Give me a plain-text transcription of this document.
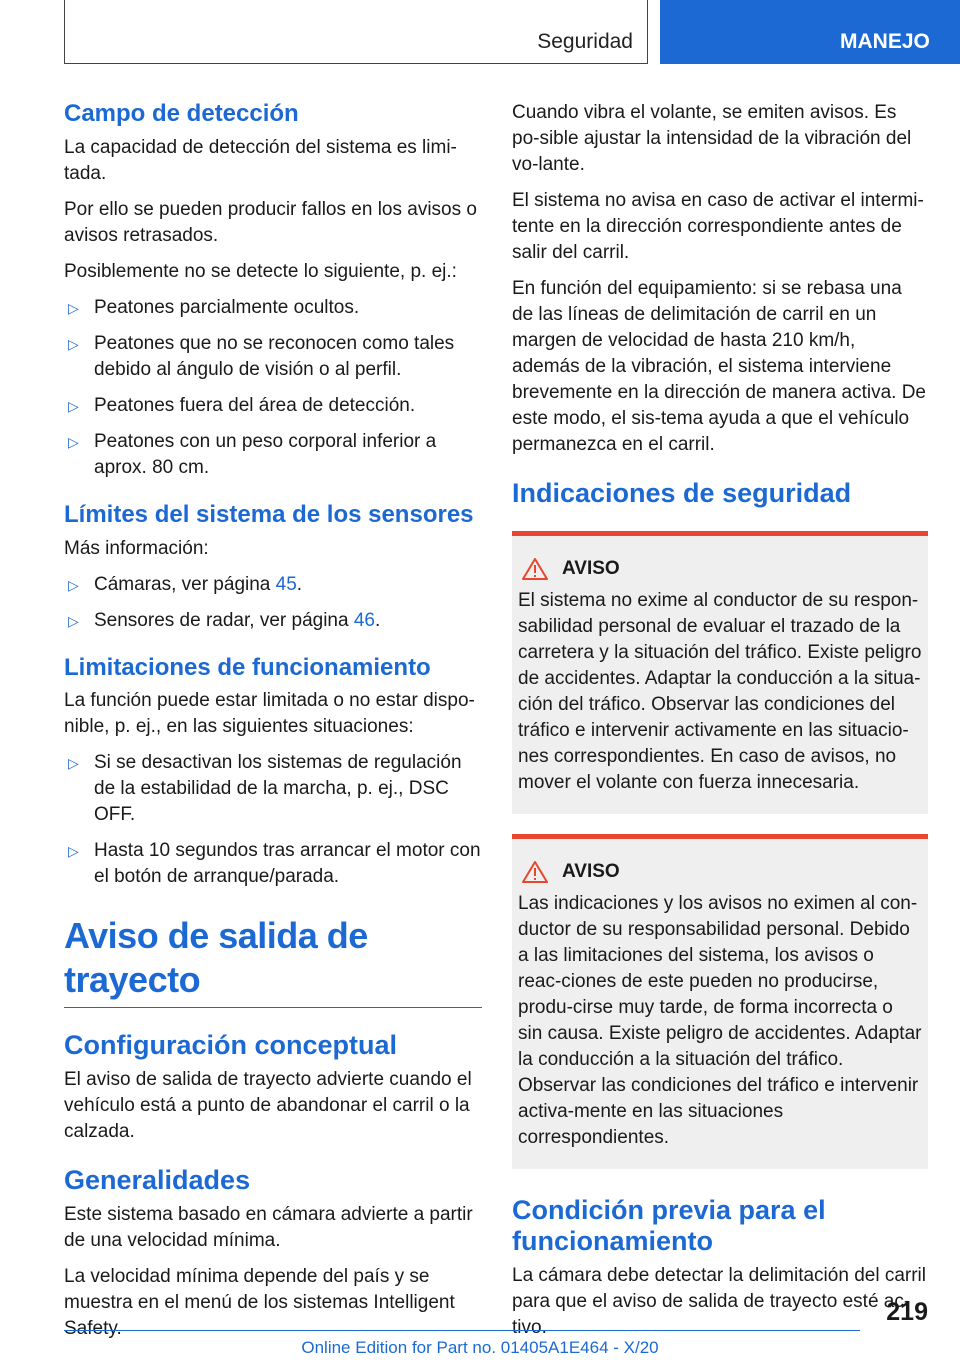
Seguridad	MANEJO
Campo de detección

La capacidad de detección del sistema es limi-tada.

Por ello se pueden producir fallos en los avisos o avisos retrasados.

Posiblemente no se detecte lo siguiente, p. ej.:

▷ Peatones parcialmente ocultos.
▷ Peatones que no se reconocen como tales debido al ángulo de visión o al perfil.
▷ Peatones fuera del área de detección.
▷ Peatones con un peso corporal inferior a aprox. 80 cm.
Límites del sistema de los sensores

Más información:

▷ Cámaras, ver página 45.
▷ Sensores de radar, ver página 46.
Limitaciones de funcionamiento

La función puede estar limitada o no estar dispo-nible, p. ej., en las siguientes situaciones:

▷ Si se desactivan los sistemas de regulación de la estabilidad de la marcha, p. ej., DSC OFF.
▷ Hasta 10 segundos tras arrancar el motor con el botón de arranque/parada.
Aviso de salida de trayecto
Configuración conceptual

El aviso de salida de trayecto advierte cuando el vehículo está a punto de abandonar el carril o la calzada.

Generalidades

Este sistema basado en cámara advierte a partir de una velocidad mínima.

La velocidad mínima depende del país y se muestra en el menú de los sistemas Intelligent Safety.

Cuando vibra el volante, se emiten avisos. Es po-sible ajustar la intensidad de la vibración del vo-lante.

El sistema no avisa en caso de activar el intermi-tente en la dirección correspondiente antes de salir del carril.

En función del equipamiento: si se rebasa una de las líneas de delimitación de carril en un margen de velocidad de hasta 210 km/h, además de la vibración, el sistema interviene brevemente en la dirección de manera activa. De este modo, el sis-tema ayuda a que el vehículo permanezca en el carril.

Indicaciones de seguridad
AVISO

El sistema no exime al conductor de su respon-sabilidad personal de evaluar el trazado de la carretera y la situación del tráfico. Existe peligro de accidentes. Adaptar la conducción a la situa-ción del tráfico. Observar las condiciones del tráfico e intervenir activamente en las situacio-nes correspondientes. En caso de avisos, no mover el volante con fuerza innecesaria.

AVISO

Las indicaciones y los avisos no eximen al con-ductor de su responsabilidad personal. Debido a las limitaciones del sistema, los avisos o reac-ciones de este pueden no producirse, produ-cirse muy tarde, de forma incorrecta o sin causa. Existe peligro de accidentes. Adaptar la conducción a la situación del tráfico. Observar las condiciones del tráfico e intervenir activa-mente en las situaciones correspondientes.

Condición previa para el funcionamiento

La cámara debe detectar la delimitación del carril para que el aviso de salida de trayecto esté ac-tivo.

219
Online Edition for Part no. 01405A1E464 - X/20
